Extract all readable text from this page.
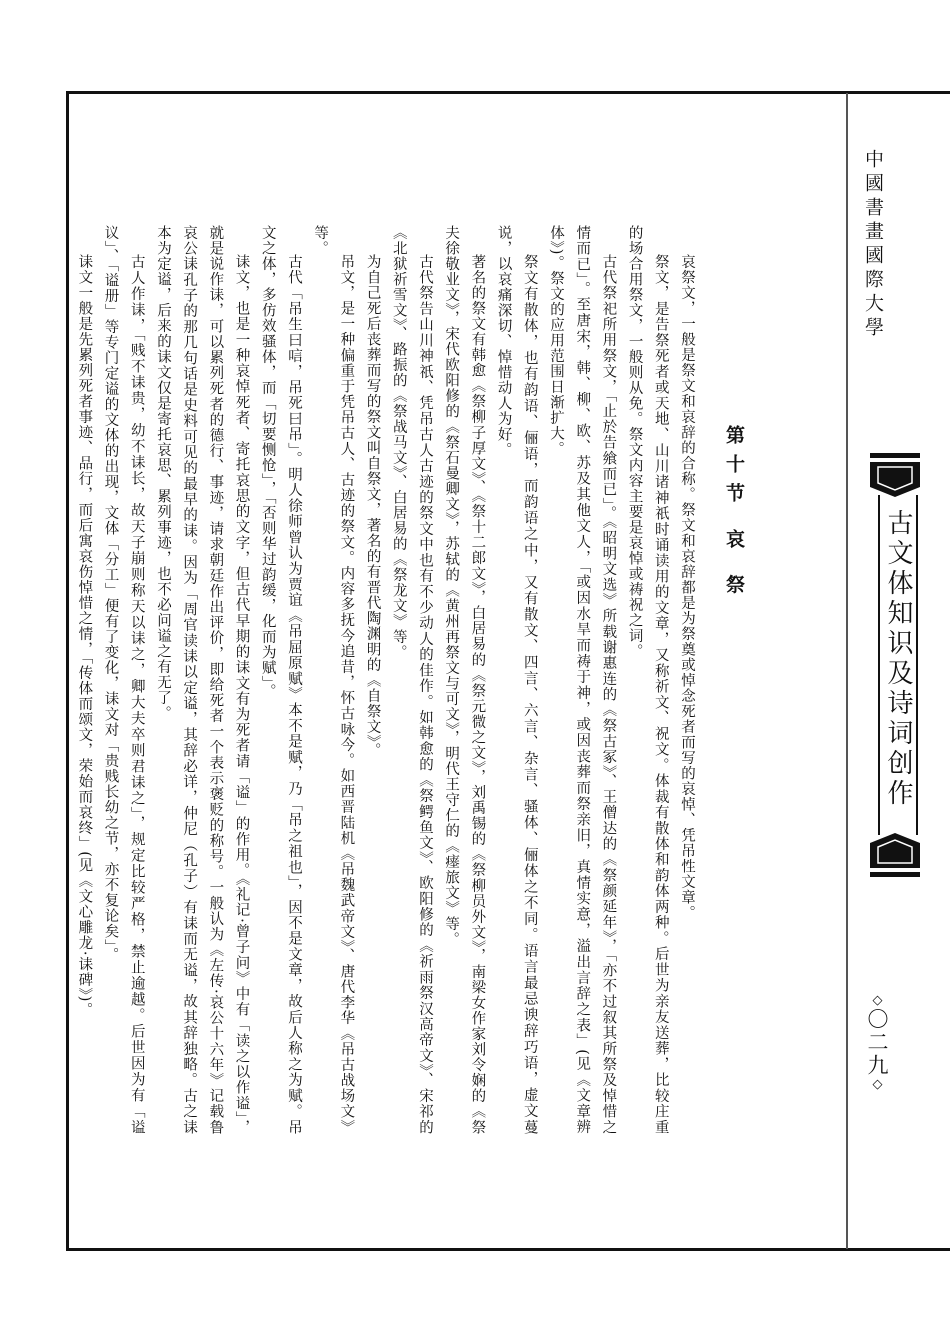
第十节 哀 祭

哀祭文，一般是祭文和哀辞的合称。祭文和哀辞都是为祭奠或悼念死者而写的哀悼、凭吊性文章。

祭文，是告祭死者或天地、山川诸神祇时诵读用的文章，又称祈文、祝文。体裁有散体和韵体两种。后世为亲友送葬，比较庄重的场合用祭文，一般则从免。祭文内容主要是哀悼或祷祝之词。

古代祭祀所用祭文，「止於告飨而已」。《昭明文选》所载谢惠连的《祭古冢》、王僧达的《祭颜延年》，「亦不过叙其所祭及悼惜之情而已」。至唐宋，韩、柳、欧、苏及其他文人，「或因水旱而祷于神，或因丧葬而祭亲旧，真情实意，溢出言辞之表」(见《文章辨体》)。祭文的应用范围日渐扩大。

祭文有散体，也有韵语、俪语，而韵语之中，又有散文、四言、六言、杂言、骚体、俪体之不同。语言最忌谀辞巧语，虚文蔓说，以哀痛深切、悼惜动人为好。

著名的祭文有韩愈《祭柳子厚文》、《祭十二郎文》，白居易的《祭元微之文》，刘禹锡的《祭柳员外文》，南梁女作家刘令娴的《祭夫徐敬业文》，宋代欧阳修的《祭石曼卿文》，苏轼的《黄州再祭文与可文》，明代王守仁的《瘗旅文》等。

古代祭告山川神祇、凭吊古人古迹的祭文中也有不少动人的佳作。如韩愈的《祭鳄鱼文》、欧阳修的《祈雨祭汉高帝文》、宋祁的《北狱祈雪文》、路振的《祭战马文》、白居易的《祭龙文》等。

为自己死后丧葬而写的祭文叫自祭文，著名的有晋代陶渊明的《自祭文》。

吊文，是一种偏重于凭吊古人、古迹的祭文。内容多抚今追昔，怀古咏今。如西晋陆机《吊魏武帝文》、唐代李华《吊古战场文》等。

古代「吊生曰唁，吊死曰吊」。明人徐师曾认为贾谊《吊屈原赋》本不是赋，乃「吊之祖也」，因不是文章，故后人称之为赋。吊文之体，多仿效骚体，而「切要恻怆」，「否则华过韵缓，化而为赋」。

诔文，也是一种哀悼死者、寄托哀思的文字，但古代早期的诔文有为死者请「谥」的作用。《礼记·曾子问》中有「读之以作谥」，就是说作诔，可以累列死者的德行、事迹，请求朝廷作出评价，即给死者一个表示褒贬的称号。一般认为《左传·哀公十六年》记载鲁哀公诔孔子的那几句话是史料可见的最早的诔。因为「周官读诔以定谥，其辞必详，仲尼（孔子）有诔而无谥，故其辞独略。古之诔本为定谥，后来的诔文仅是寄托哀思、累列事迹，也不必问谥之有无了。

古人作诔，「贱不诔贵，幼不诔长，故天子崩则称天以诔之，卿大夫卒则君诔之」，规定比较严格，禁止逾越。后世因为有「谥议」、「谥册」等专门定谥的文体的出现，文体「分工」便有了变化，诔文对「贵贱长幼之节，亦不复论矣」。

诔文一般是先累列死者事迹、品行，而后寓哀伤悼惜之情，「传体而颂文，荣始而哀终」(见《文心雕龙·诔碑》)。

中國書畫國際大學
古文体知识及诗词创作
◇〇二九◇
